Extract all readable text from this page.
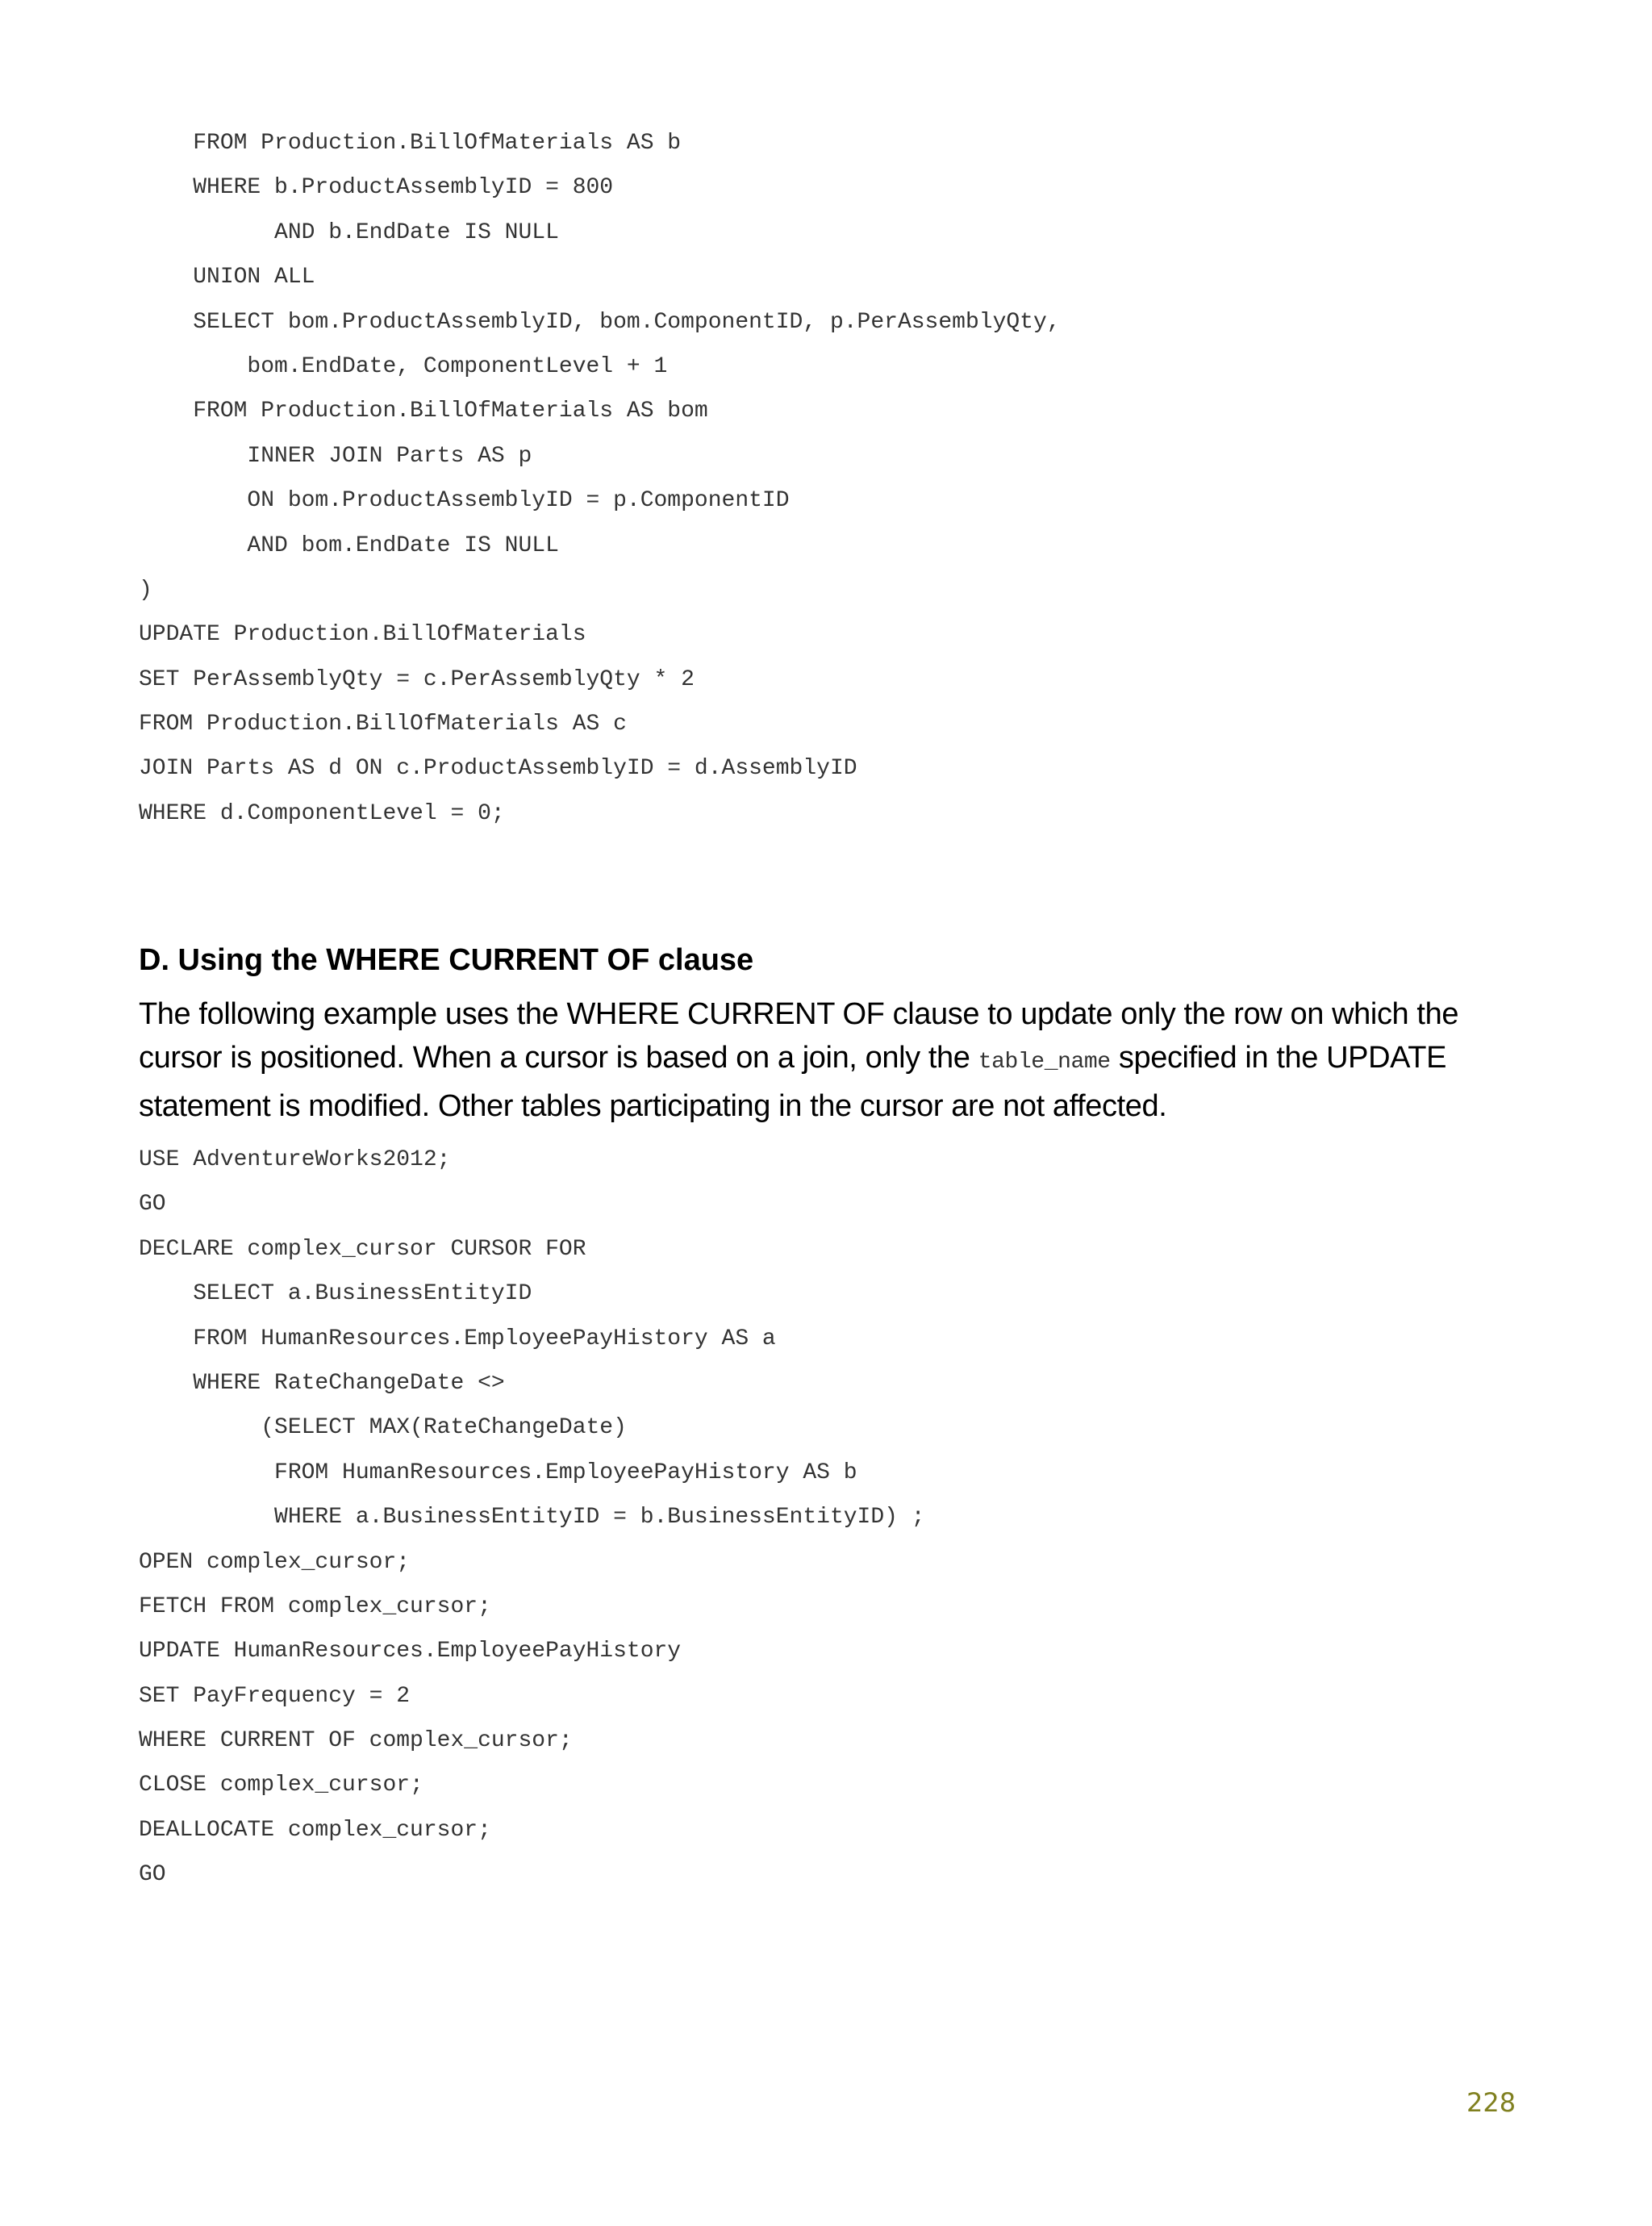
FROM Production.BillOfMaterials AS b
WHERE b.ProductAssemblyID = 800
AND b.EndDate IS NULL
UNION ALL
SELECT bom.ProductAssemblyID, bom.ComponentID, p.PerAssemblyQty,
bom.EndDate, ComponentLevel + 1
FROM Production.BillOfMaterials AS bom
INNER JOIN Parts AS p
ON bom.ProductAssemblyID = p.ComponentID
AND bom.EndDate IS NULL
)
UPDATE Production.BillOfMaterials
SET PerAssemblyQty = c.PerAssemblyQty * 2
FROM Production.BillOfMaterials AS c
JOIN Parts AS d ON c.ProductAssemblyID = d.AssemblyID
WHERE d.ComponentLevel = 0;
D. Using the WHERE CURRENT OF clause

The following example uses the WHERE CURRENT OF clause to update only the row on which the cursor is positioned. When a cursor is based on a join, only the table_name specified in the UPDATE statement is modified. Other tables participating in the cursor are not affected.

USE AdventureWorks2012;
GO
DECLARE complex_cursor CURSOR FOR
SELECT a.BusinessEntityID
FROM HumanResources.EmployeePayHistory AS a
WHERE RateChangeDate <>
(SELECT MAX(RateChangeDate)
FROM HumanResources.EmployeePayHistory AS b
WHERE a.BusinessEntityID = b.BusinessEntityID) ;
OPEN complex_cursor;
FETCH FROM complex_cursor;
UPDATE HumanResources.EmployeePayHistory
SET PayFrequency = 2
WHERE CURRENT OF complex_cursor;
CLOSE complex_cursor;
DEALLOCATE complex_cursor;
GO
228
